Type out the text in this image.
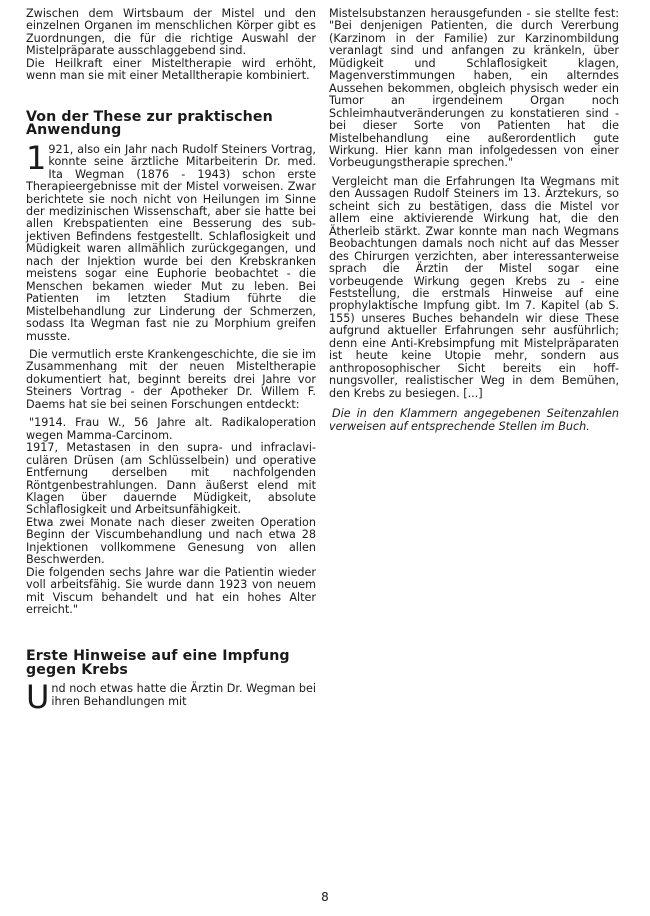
Zwischen dem Wirtsbaum der Mistel und den einzelnen Organen im menschlichen Körper gibt es Zuordnungen, die für die richtige Auswahl der Mistelpräparate ausschlaggebend sind.

Die Heilkraft einer Misteltherapie wird erhöht, wenn man sie mit einer Metalltherapie kombiniert.

Von der These zur praktischen Anwendung

1 921, also ein Jahr nach Rudolf Steiners Vortrag, konnte seine ärztliche Mitarbeiterin Dr. med. Ita Wegman (1876 - 1943) schon erste Therapieergebnisse mit der Mistel vorweisen. Zwar berichtete sie noch nicht von Heilungen im Sinne der medizinischen Wissenschaft, aber sie hatte bei allen Krebspatienten eine Besserung des subjektiven Befindens festgestellt. Schlaflosigkeit und Müdigkeit waren allmählich zurückgegangen, und nach der Injektion wurde bei den Krebskranken meistens sogar eine Euphorie beobachtet - die Menschen bekamen wieder Mut zu leben. Bei Patienten im letzten Stadium führte die Mistelbehandlung zur Linderung der Schmerzen, sodass Ita Wegman fast nie zu Morphium greifen musste.

Die vermutlich erste Krankengeschichte, die sie im Zusammenhang mit der neuen Misteltherapie dokumentiert hat, beginnt bereits drei Jahre vor Steiners Vortrag - der Apotheker Dr. Willem F. Daems hat sie bei seinen Forschungen entdeckt:

"1914. Frau W., 56 Jahre alt. Radikaloperation wegen Mamma-Carcinom.

1917, Metastasen in den supra- und infraclaviculären Drüsen (am Schlüsselbein) und operative Entfernung derselben mit nachfolgenden Röntgenbestrahlungen. Dann äußerst elend mit Klagen über dauernde Müdigkeit, absolute Schlaflosigkeit und Arbeitsunfähigkeit.

Etwa zwei Monate nach dieser zweiten Operation Beginn der Viscumbehandlung und nach etwa 28 Injektionen vollkommene Genesung von allen Beschwerden.

Die folgenden sechs Jahre war die Patientin wieder voll arbeitsfähig. Sie wurde dann 1923 von neuem mit Viscum behandelt und hat ein hohes Alter erreicht."

Erste Hinweise auf eine Impfung gegen Krebs

Und noch etwas hatte die Ärztin Dr. Wegman bei ihren Behandlungen mit

Mistelsubstanzen herausgefunden - sie stellte fest: "Bei denjenigen Patienten, die durch Vererbung (Karzinom in der Familie) zur Karzinombildung veranlagt sind und anfangen zu kränkeln, über Müdigkeit und Schlaflosigkeit klagen, Magenverstimmungen haben, ein alterndes Aussehen bekommen, obgleich physisch weder ein Tumor an irgendeinem Organ noch Schleimhautveränderungen zu konstatieren sind - bei dieser Sorte von Patienten hat die Mistelbehandlung eine außerordentlich gute Wirkung. Hier kann man infolgedessen von einer Vorbeugungstherapie sprechen."

Vergleicht man die Erfahrungen Ita Wegmans mit den Aussagen Rudolf Steiners im 13. Ärztekurs, so scheint sich zu bestätigen, dass die Mistel vor allem eine aktivierende Wirkung hat, die den Ätherleib stärkt. Zwar konnte man nach Wegmans Beobachtungen damals noch nicht auf das Messer des Chirurgen verzichten, aber interessanterweise sprach die Ärztin der Mistel sogar eine vorbeugende Wirkung gegen Krebs zu - eine Feststellung, die erstmals Hinweise auf eine prophylaktische Impfung gibt. Im 7. Kapitel (ab S. 155) unseres Buches behandeln wir diese These aufgrund aktueller Erfahrungen sehr ausführlich; denn eine Anti-Krebsimpfung mit Mistelpräparaten ist heute keine Utopie mehr, sondern aus anthroposophischer Sicht bereits ein hoffnungsvoller, realistischer Weg in dem Bemühen, den Krebs zu besiegen. [...]

Die in den Klammern angegebenen Seitenzahlen verweisen auf entsprechende Stellen im Buch.

8
